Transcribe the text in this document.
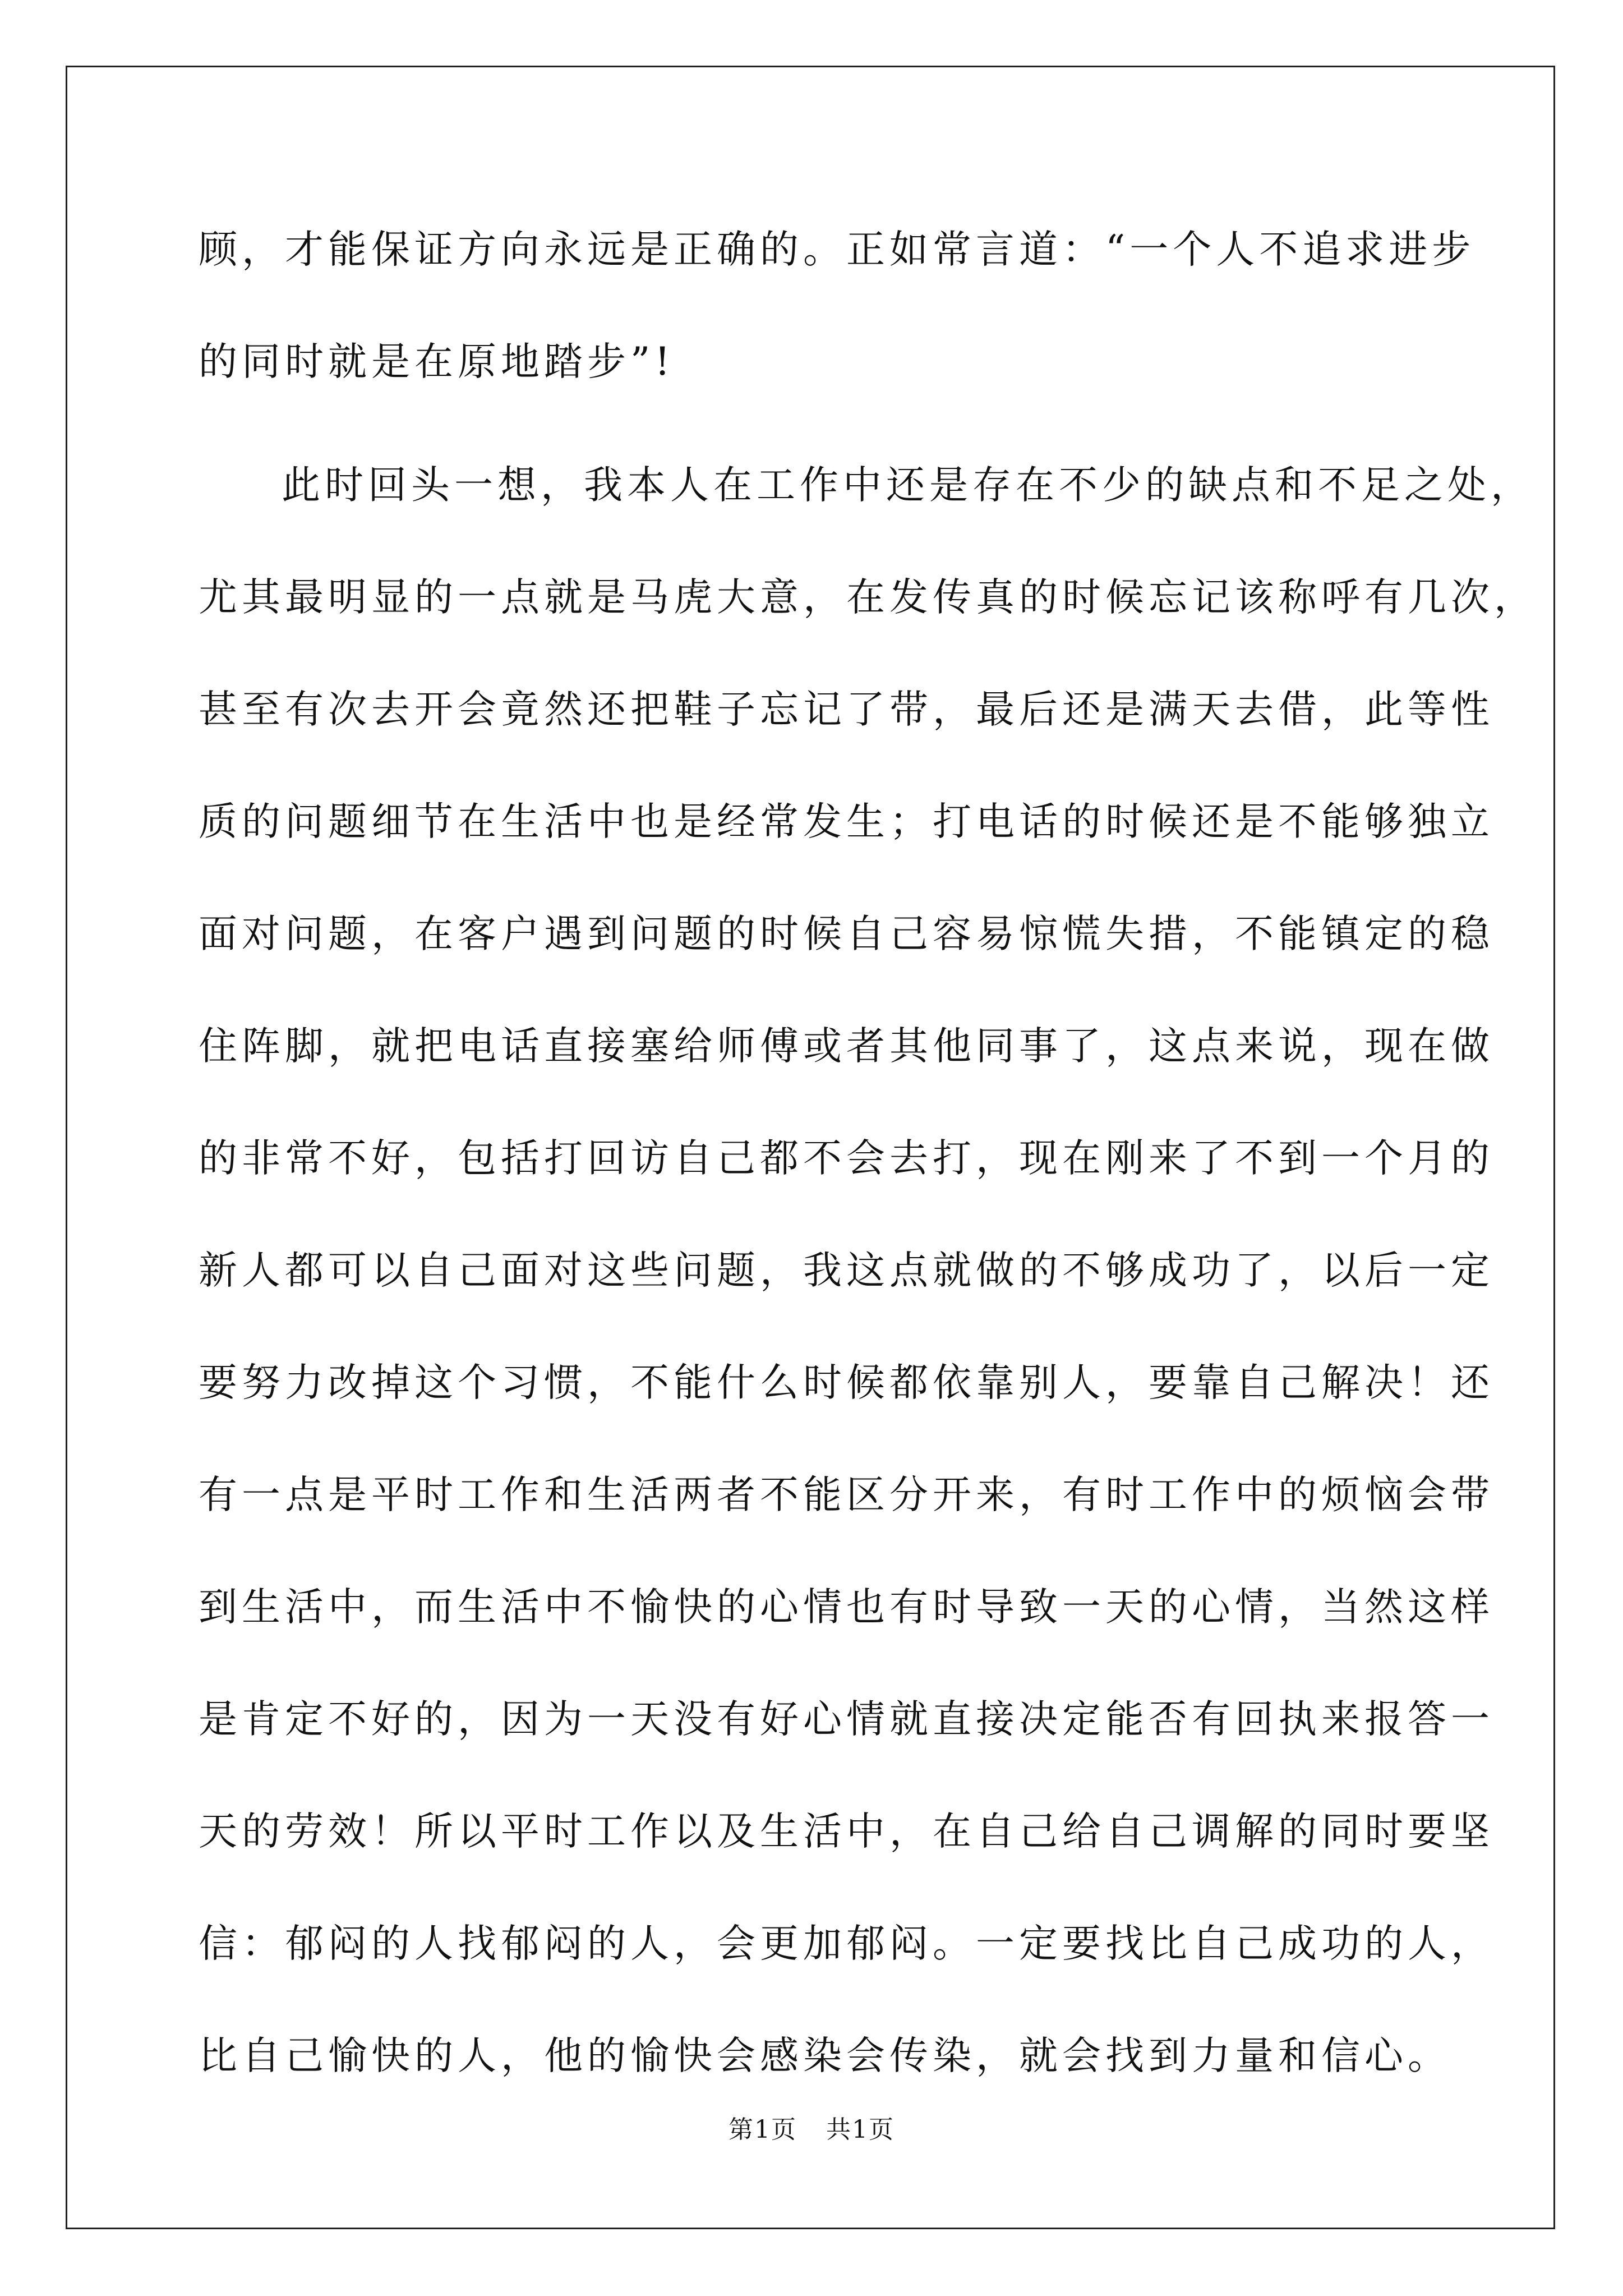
顾，才能保证方向永远是正确的。正如常言道：“一个人不追求进步
的同时就是在原地踏步”!
此时回头一想，我本人在工作中还是存在不少的缺点和不足之处，
尤其最明显的一点就是马虎大意，在发传真的时候忘记该称呼有几次，
甚至有次去开会竟然还把鞋子忘记了带，最后还是满天去借，此等性
质的问题细节在生活中也是经常发生；打电话的时候还是不能够独立
面对问题，在客户遇到问题的时候自己容易惊慌失措，不能镇定的稳
住阵脚，就把电话直接塞给师傅或者其他同事了，这点来说，现在做
的非常不好，包括打回访自己都不会去打，现在刚来了不到一个月的
新人都可以自己面对这些问题，我这点就做的不够成功了，以后一定
要努力改掉这个习惯，不能什么时候都依靠别人，要靠自己解决！还
有一点是平时工作和生活两者不能区分开来，有时工作中的烦恼会带
到生活中，而生活中不愉快的心情也有时导致一天的心情，当然这样
是肯定不好的，因为一天没有好心情就直接决定能否有回执来报答一
天的劳效！所以平时工作以及生活中，在自己给自己调解的同时要坚
信：郁闷的人找郁闷的人，会更加郁闷。一定要找比自己成功的人，
比自己愉快的人，他的愉快会感染会传染，就会找到力量和信心。
第1页 共1页
